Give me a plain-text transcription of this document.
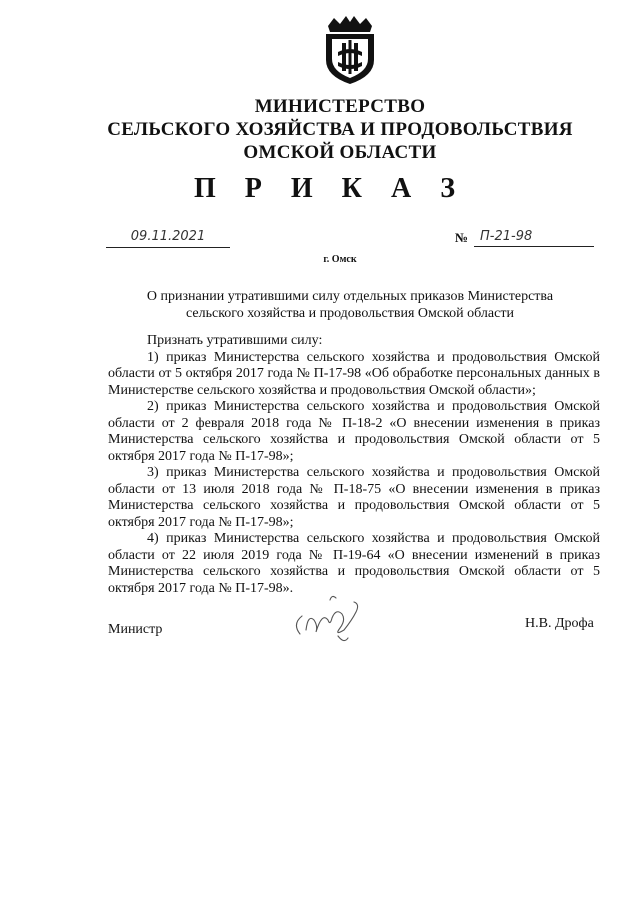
МИНИСТЕРСТВО
СЕЛЬСКОГО ХОЗЯЙСТВА И ПРОДОВОЛЬСТВИЯ
ОМСКОЙ ОБЛАСТИ
П Р И К А З
09.11.2021	№ П-21-98
г. Омск
О признании утратившими силу отдельных приказов Министерства
сельского хозяйства и продовольствия Омской области

Признать утратившими силу:

1) приказ Министерства сельского хозяйства и продовольствия Омской области от 5 октября 2017 года № П-17-98 «Об обработке персональных данных в Министерстве сельского хозяйства и продовольствия Омской области»;

2) приказ Министерства сельского хозяйства и продовольствия Омской области от 2 февраля 2018 года № П-18-2 «О внесении изменения в приказ Министерства сельского хозяйства и продовольствия Омской области от 5 октября 2017 года № П-17-98»;

3) приказ Министерства сельского хозяйства и продовольствия Омской области от 13 июля 2018 года № П-18-75 «О внесении изменения в приказ Министерства сельского хозяйства и продовольствия Омской области от 5 октября 2017 года № П-17-98»;

4) приказ Министерства сельского хозяйства и продовольствия Омской области от 22 июля 2019 года № П-19-64 «О внесении изменений в приказ Министерства сельского хозяйства и продовольствия Омской области от 5 октября 2017 года № П-17-98».

Министр	Н.В. Дрофа
